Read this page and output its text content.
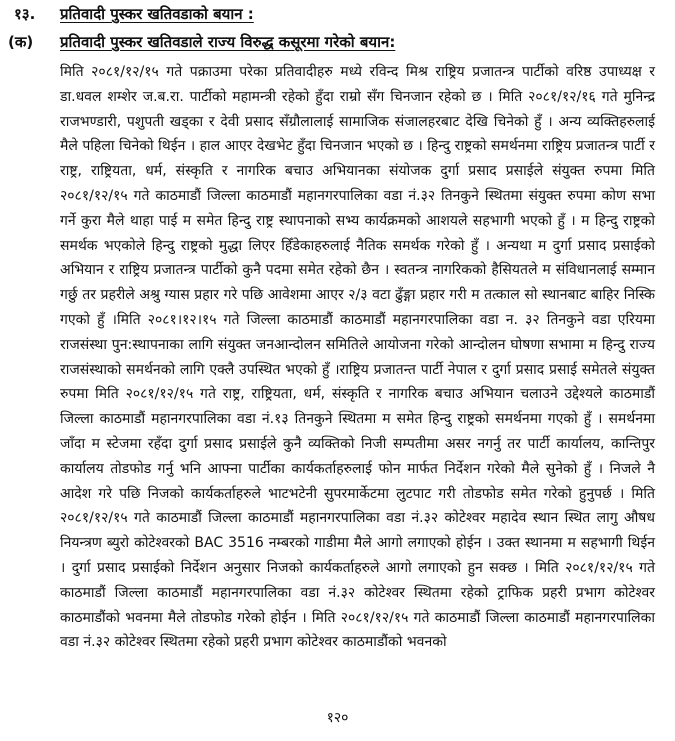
१३. प्रतिवादी पुस्कर खतिवडाको बयान :
(क) प्रतिवादी पुस्कर खतिवडाले राज्य विरुद्ध कसूरमा गरेको बयान:

मिति २०८१/१२/१५ गते पक्राउमा परेका प्रतिवादीहरु मध्ये रविन्द मिश्र राष्ट्रिय प्रजातन्त्र पार्टीको वरिष्ठ उपाध्यक्ष र डा.धवल शम्शेर ज.ब.रा. पार्टीको महामन्त्री रहेको हुँदा राम्रो सँग चिनजान रहेको छ । मिति २०८१/१२/१६ गते मुनिन्द्र राजभण्डारी, पशुपती खड्का र देवी प्रसाद सँग्रौलालाई सामाजिक संजालहरबाट देखि चिनेको हुँ । अन्य व्यक्तिहरुलाई मैले पहिला चिनेको थिईन । हाल आएर देखभेट हुँदा चिनजान भएको छ । हिन्दु राष्ट्रको समर्थनमा राष्ट्रिय प्रजातन्त्र पार्टी र राष्ट्र, राष्ट्रियता, धर्म, संस्कृति र नागरिक बचाउ अभियानका संयोजक दुर्गा प्रसाद प्रसाईले संयुक्त रुपमा मिति २०८१/१२/१५ गते काठमाडौं जिल्ला काठमाडौं महानगरपालिका वडा नं.३२ तिनकुने स्थितमा संयुक्त रुपमा कोण सभा गर्ने कुरा मैले थाहा पाई म समेत हिन्दु राष्ट्र स्थापनाको सभ्य कार्यक्रमको आशयले सहभागी भएको हुँ । म हिन्दु राष्ट्रको समर्थक भएकोले हिन्दु राष्ट्रको मुद्धा लिएर हिँडेकाहरुलाई नैतिक समर्थक गरेको हुँ । अन्यथा म दुर्गा प्रसाद प्रसाईको अभियान र राष्ट्रिय प्रजातन्त्र पार्टीको कुनै पदमा समेत रहेको छैन । स्वतन्त्र नागरिकको हैसियतले म संविधानलाई सम्मान गर्छु तर प्रहरीले अश्रु ग्यास प्रहार गरे पछि आवेशमा आएर २/३ वटा ढुँङ्गा प्रहार गरी म तत्काल सो स्थानबाट बाहिर निस्कि गएको हुँ ।मिति २०८१।१२।१५ गते जिल्ला काठमाडौं काठमाडौं महानगरपालिका वडा न. ३२ तिनकुने वडा एरियमा राजसंस्था पुन:स्थापनाका लागि संयुक्त जनआन्दोलन समितिले आयोजना गरेको आन्दोलन घोषणा सभामा म हिन्दु राज्य राजसंस्थाको समर्थनको लागि एक्लै उपस्थित भएको हुँ ।राष्ट्रिय प्रजातन्त पार्टी नेपाल र दुर्गा प्रसाद प्रसाई समेतले संयुक्त रुपमा मिति २०८१/१२/१५ गते राष्ट्र, राष्ट्रियता, धर्म, संस्कृति र नागरिक बचाउ अभियान चलाउने उद्देश्यले काठमाडौं जिल्ला काठमाडौं महानगरपालिका वडा नं.१३ तिनकुने स्थितमा म समेत हिन्दु राष्ट्रको समर्थनमा गएको हुँ । समर्थनमा जाँदा म स्टेजमा रहँदा दुर्गा प्रसाद प्रसाईले कुनै व्यक्तिको निजी सम्पतीमा असर नगर्नु तर पार्टी कार्यालय, कान्तिपुर कार्यालय तोडफोड गर्नु भनि आफ्ना पार्टीका कार्यकर्ताहरुलाई फोन मार्फत निर्देशन गरेको मैले सुनेको हुँ । निजले नै आदेश गरे पछि निजको कार्यकर्ताहरुले भाटभटेनी सुपरमार्केटमा लुटपाट गरी तोडफोड समेत गरेको हुनुपर्छ । मिति २०८१/१२/१५ गते काठमाडौं जिल्ला काठमाडौं महानगरपालिका वडा नं.३२ कोटेश्वर महादेव स्थान स्थित लागु औषध नियन्त्रण ब्युरो कोटेश्वरको BAC 3516 नम्बरको गाडीमा मैले आगो लगाएको होईन । उक्त स्थानमा म सहभागी थिईन । दुर्गा प्रसाद प्रसाईको निर्देशन अनुसार निजको कार्यकर्ताहरुले आगो लगाएको हुन सक्छ । मिति २०८१/१२/१५ गते काठमाडौं जिल्ला काठमाडौं महानगरपालिका वडा नं.३२ कोटेश्वर स्थितमा रहेको ट्राफिक प्रहरी प्रभाग कोटेश्वर काठमाडौंको भवनमा मैले तोडफोड गरेको होईन । मिति २०८१/१२/१५ गते काठमाडौं जिल्ला काठमाडौं महानगरपालिका वडा नं.३२ कोटेश्वर स्थितमा रहेको प्रहरी प्रभाग कोटेश्वर काठमाडौंको भवनको

१२०
